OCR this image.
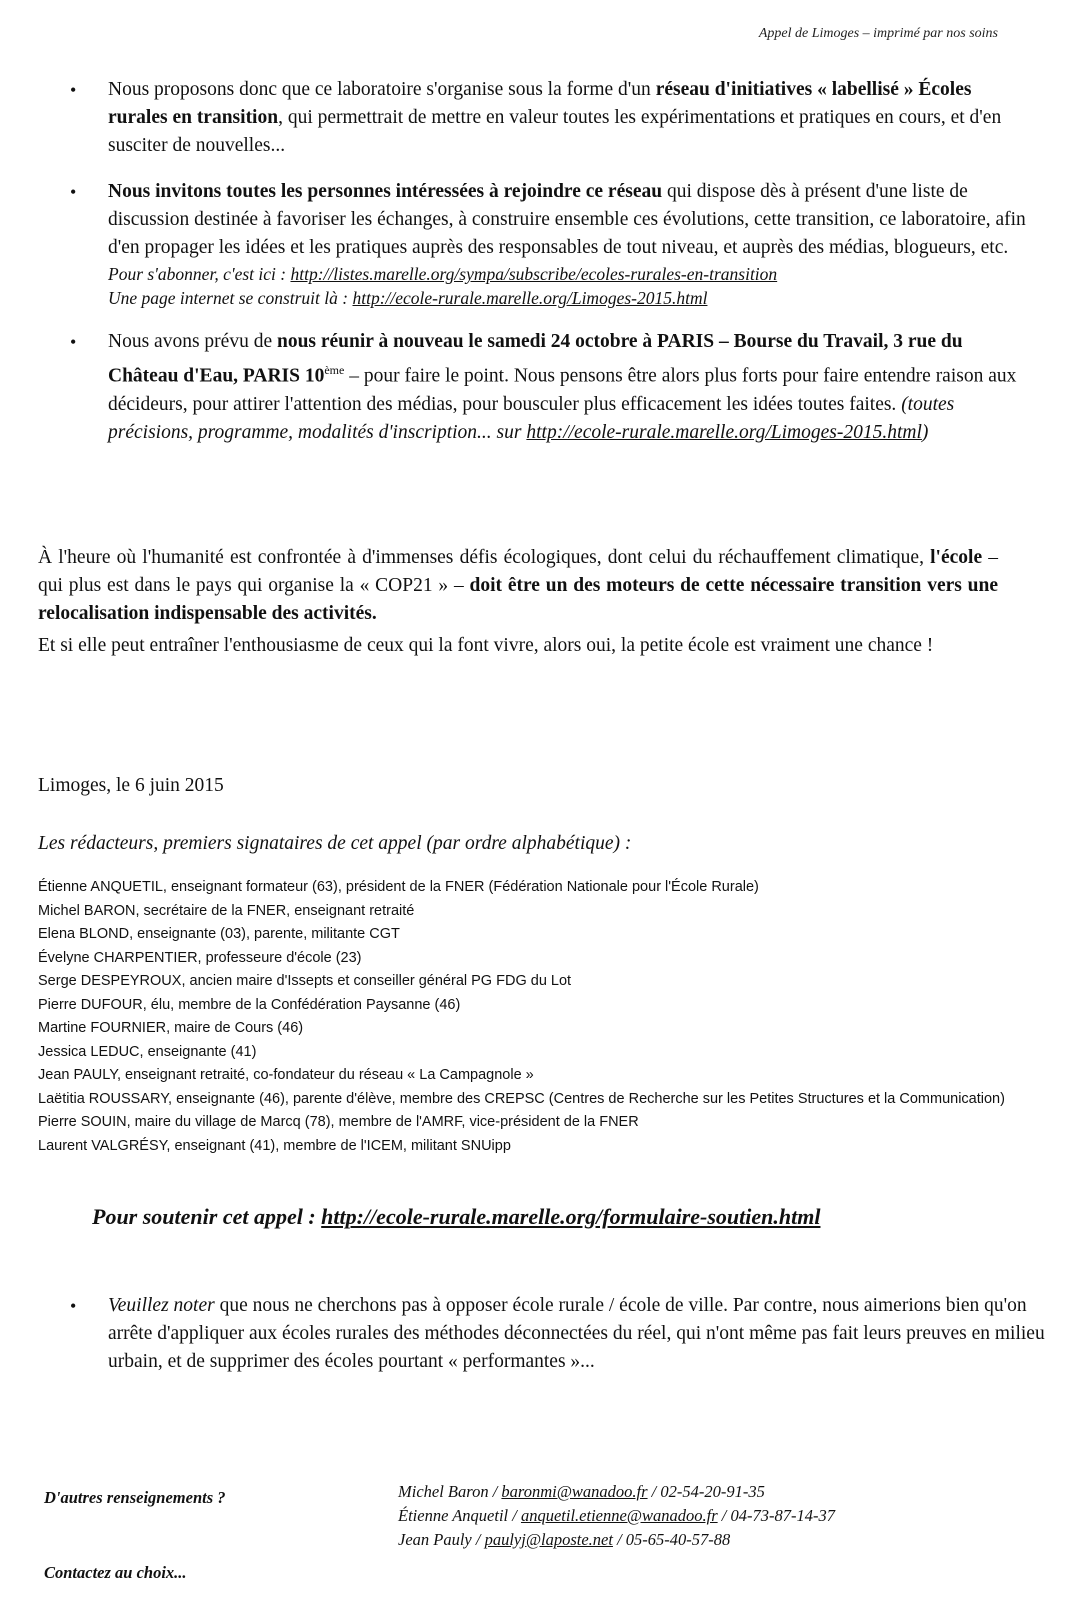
Appel de Limoges – imprimé par nos soins
• Nous proposons donc que ce laboratoire s'organise sous la forme d'un réseau d'initiatives « labellisé » Écoles rurales en transition, qui permettrait de mettre en valeur toutes les expérimentations et pratiques en cours, et d'en susciter de nouvelles...
• Nous invitons toutes les personnes intéressées à rejoindre ce réseau qui dispose dès à présent d'une liste de discussion destinée à favoriser les échanges, à construire ensemble ces évolutions, cette transition, ce laboratoire, afin d'en propager les idées et les pratiques auprès des responsables de tout niveau, et auprès des médias, blogueurs, etc.
Pour s'abonner, c'est ici : http://listes.marelle.org/sympa/subscribe/ecoles-rurales-en-transition
Une page internet se construit là : http://ecole-rurale.marelle.org/Limoges-2015.html
• Nous avons prévu de nous réunir à nouveau le samedi 24 octobre à PARIS – Bourse du Travail, 3 rue du Château d'Eau, PARIS 10ème – pour faire le point. Nous pensons être alors plus forts pour faire entendre raison aux décideurs, pour attirer l'attention des médias, pour bousculer plus efficacement les idées toutes faites. (toutes précisions, programme, modalités d'inscription... sur http://ecole-rurale.marelle.org/Limoges-2015.html)
À l'heure où l'humanité est confrontée à d'immenses défis écologiques, dont celui du réchauffement climatique, l'école – qui plus est dans le pays qui organise la « COP21 » – doit être un des moteurs de cette nécessaire transition vers une relocalisation indispensable des activités.
Et si elle peut entraîner l'enthousiasme de ceux qui la font vivre, alors oui, la petite école est vraiment une chance !
Limoges, le 6 juin 2015
Les rédacteurs, premiers signataires de cet appel (par ordre alphabétique) :
Étienne ANQUETIL, enseignant formateur (63), président de la FNER (Fédération Nationale pour l'École Rurale)
Michel BARON, secrétaire de la FNER, enseignant retraité
Elena BLOND, enseignante (03), parente, militante CGT
Évelyne CHARPENTIER, professeure d'école (23)
Serge DESPEYROUX, ancien maire d'Issepts et conseiller général PG FDG du Lot
Pierre DUFOUR, élu, membre de la Confédération Paysanne (46)
Martine FOURNIER, maire de Cours (46)
Jessica LEDUC, enseignante (41)
Jean PAULY, enseignant retraité, co-fondateur du réseau « La Campagnole »
Laëtitia ROUSSARY, enseignante (46), parente d'élève, membre des CREPSC (Centres de Recherche sur les Petites Structures et la Communication)
Pierre SOUIN, maire du village de Marcq (78), membre de l'AMRF, vice-président de la FNER
Laurent VALGRÉSY, enseignant (41), membre de l'ICEM, militant SNUipp
Pour soutenir cet appel : http://ecole-rurale.marelle.org/formulaire-soutien.html
• Veuillez noter que nous ne cherchons pas à opposer école rurale / école de ville. Par contre, nous aimerions bien qu'on arrête d'appliquer aux écoles rurales des méthodes déconnectées du réel, qui n'ont même pas fait leurs preuves en milieu urbain, et de supprimer des écoles pourtant « performantes »...
D'autres renseignements ?
Contactez au choix...
Michel Baron / baronmi@wanadoo.fr / 02-54-20-91-35
Étienne Anquetil / anquetil.etienne@wanadoo.fr / 04-73-87-14-37
Jean Pauly / paulyj@laposte.net / 05-65-40-57-88
